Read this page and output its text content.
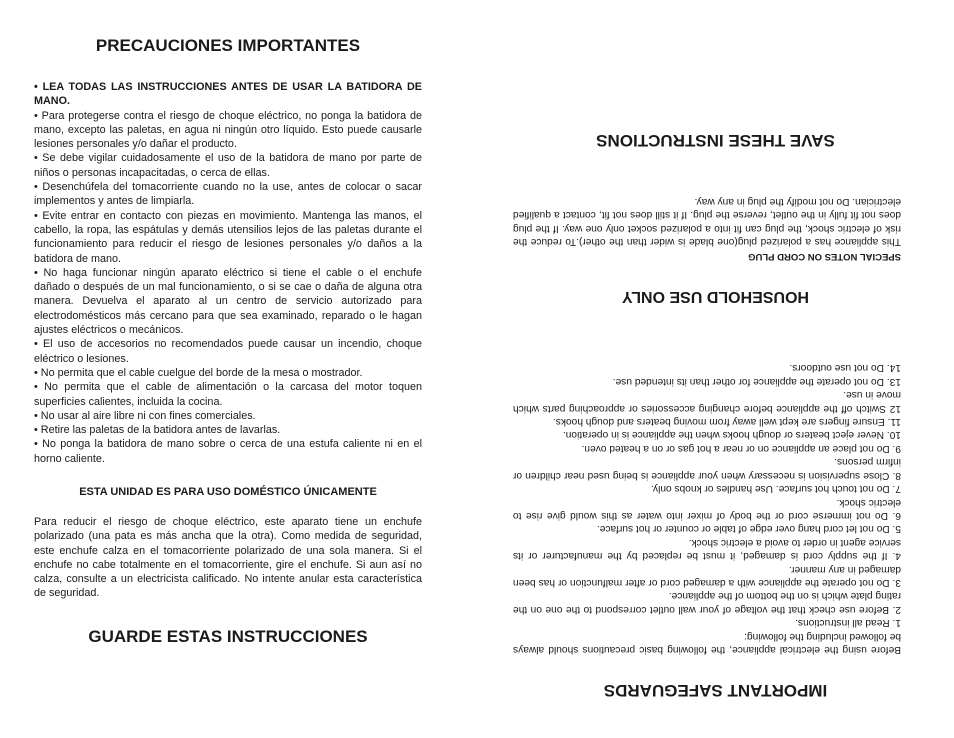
PRECAUCIONES IMPORTANTES

• LEA TODAS LAS INSTRUCCIONES ANTES DE USAR LA BATIDORA DE MANO.

• Para protegerse contra el riesgo de choque eléctrico, no ponga la batidora de mano, excepto las paletas, en agua ni ningún otro líquido. Esto puede causarle lesiones personales y/o dañar el producto.

• Se debe vigilar cuidadosamente el uso de la batidora de mano por parte de niños o personas incapacitadas, o cerca de ellas.

• Desenchúfela del tomacorriente cuando no la use, antes de colocar o sacar implementos y antes de limpiarla.

• Evite entrar en contacto con piezas en movimiento. Mantenga las manos, el cabello, la ropa, las espátulas y demás utensilios lejos de las paletas durante el funcionamiento para reducir el riesgo de lesiones personales y/o daños a la batidora de mano.

• No haga funcionar ningún aparato eléctrico si tiene el cable o el enchufe dañado o después de un mal funcionamiento, o si se cae o daña de alguna otra manera. Devuelva el aparato al un centro de servicio autorizado para electrodomésticos más cercano para que sea examinado, reparado o le hagan ajustes eléctricos o mecánicos.

• El uso de accesorios no recomendados puede causar un incendio, choque eléctrico o lesiones.

• No permita que el cable cuelgue del borde de la mesa o mostrador.

• No permita que el cable de alimentación o la carcasa del motor toquen superficies calientes, incluida la cocina.

• No usar al aire libre ni con fines comerciales.

• Retire las paletas de la batidora antes de lavarlas.

• No ponga la batidora de mano sobre o cerca de una estufa caliente ni en el horno caliente.

ESTA UNIDAD ES PARA USO DOMÉSTICO ÚNICAMENTE

Para reducir el riesgo de choque eléctrico, este aparato tiene un enchufe polarizado (una pata es más ancha que la otra). Como medida de seguridad, este enchufe calza en el tomacorriente polarizado de una sola manera. Si el enchufe no cabe totalmente en el tomacorriente, gire el enchufe. Si aun así no calza, consulte a un electricista calificado. No intente anular esta característica de seguridad.

GUARDE ESTAS INSTRUCCIONES
IMPORTANT SAFEGUARDS

Before using the electrical appliance, the following basic precautions should always be followed including the following:

1. Read all instructions.

2. Before use check that the voltage of your wall outlet correspond to the one on the rating plate which is on the bottom of the appliance.

3. Do not operate the appliance with a damaged cord or after malfunction or has been damaged in any manner.

4. If the supply cord is damaged, it must be replaced by the manufacturer or its service agent in order to avoid a electric shock.

5. Do not let cord hang over edge of table or counter or hot surface.

6. Do not immerse cord or the body of mixer into water as this would give rise to electric shock.

7. Do not touch hot surface. Use handles or knobs only.

8. Close supervision is necessary when your appliance is being used near children or infirm persons.

9. Do not place an appliance on or near a hot gas or on a heated oven.

10. Never eject beaters or dough hooks when the appliance is in operation.

11. Ensure fingers are kept well away from moving beaters and dough hooks.

12 Switch off the appliance before changing accessories or approaching parts which move in use.

13. Do not operate the appliance for other than its intended use.

14. Do not use outdoors.

HOUSEHOLD USE ONLY
SPECIAL NOTES ON CORD PLUG

This appliance has a polarized plug(one blade is wider than the other).To reduce the risk of electric shock, the plug can fit into a polarized socket only one way. If the plug does not fit fully in the outlet, reverse the plug. If it still does not fit, contact a qualified electrician. Do not modify the plug in any way.

SAVE THESE INSTRUCTIONS
